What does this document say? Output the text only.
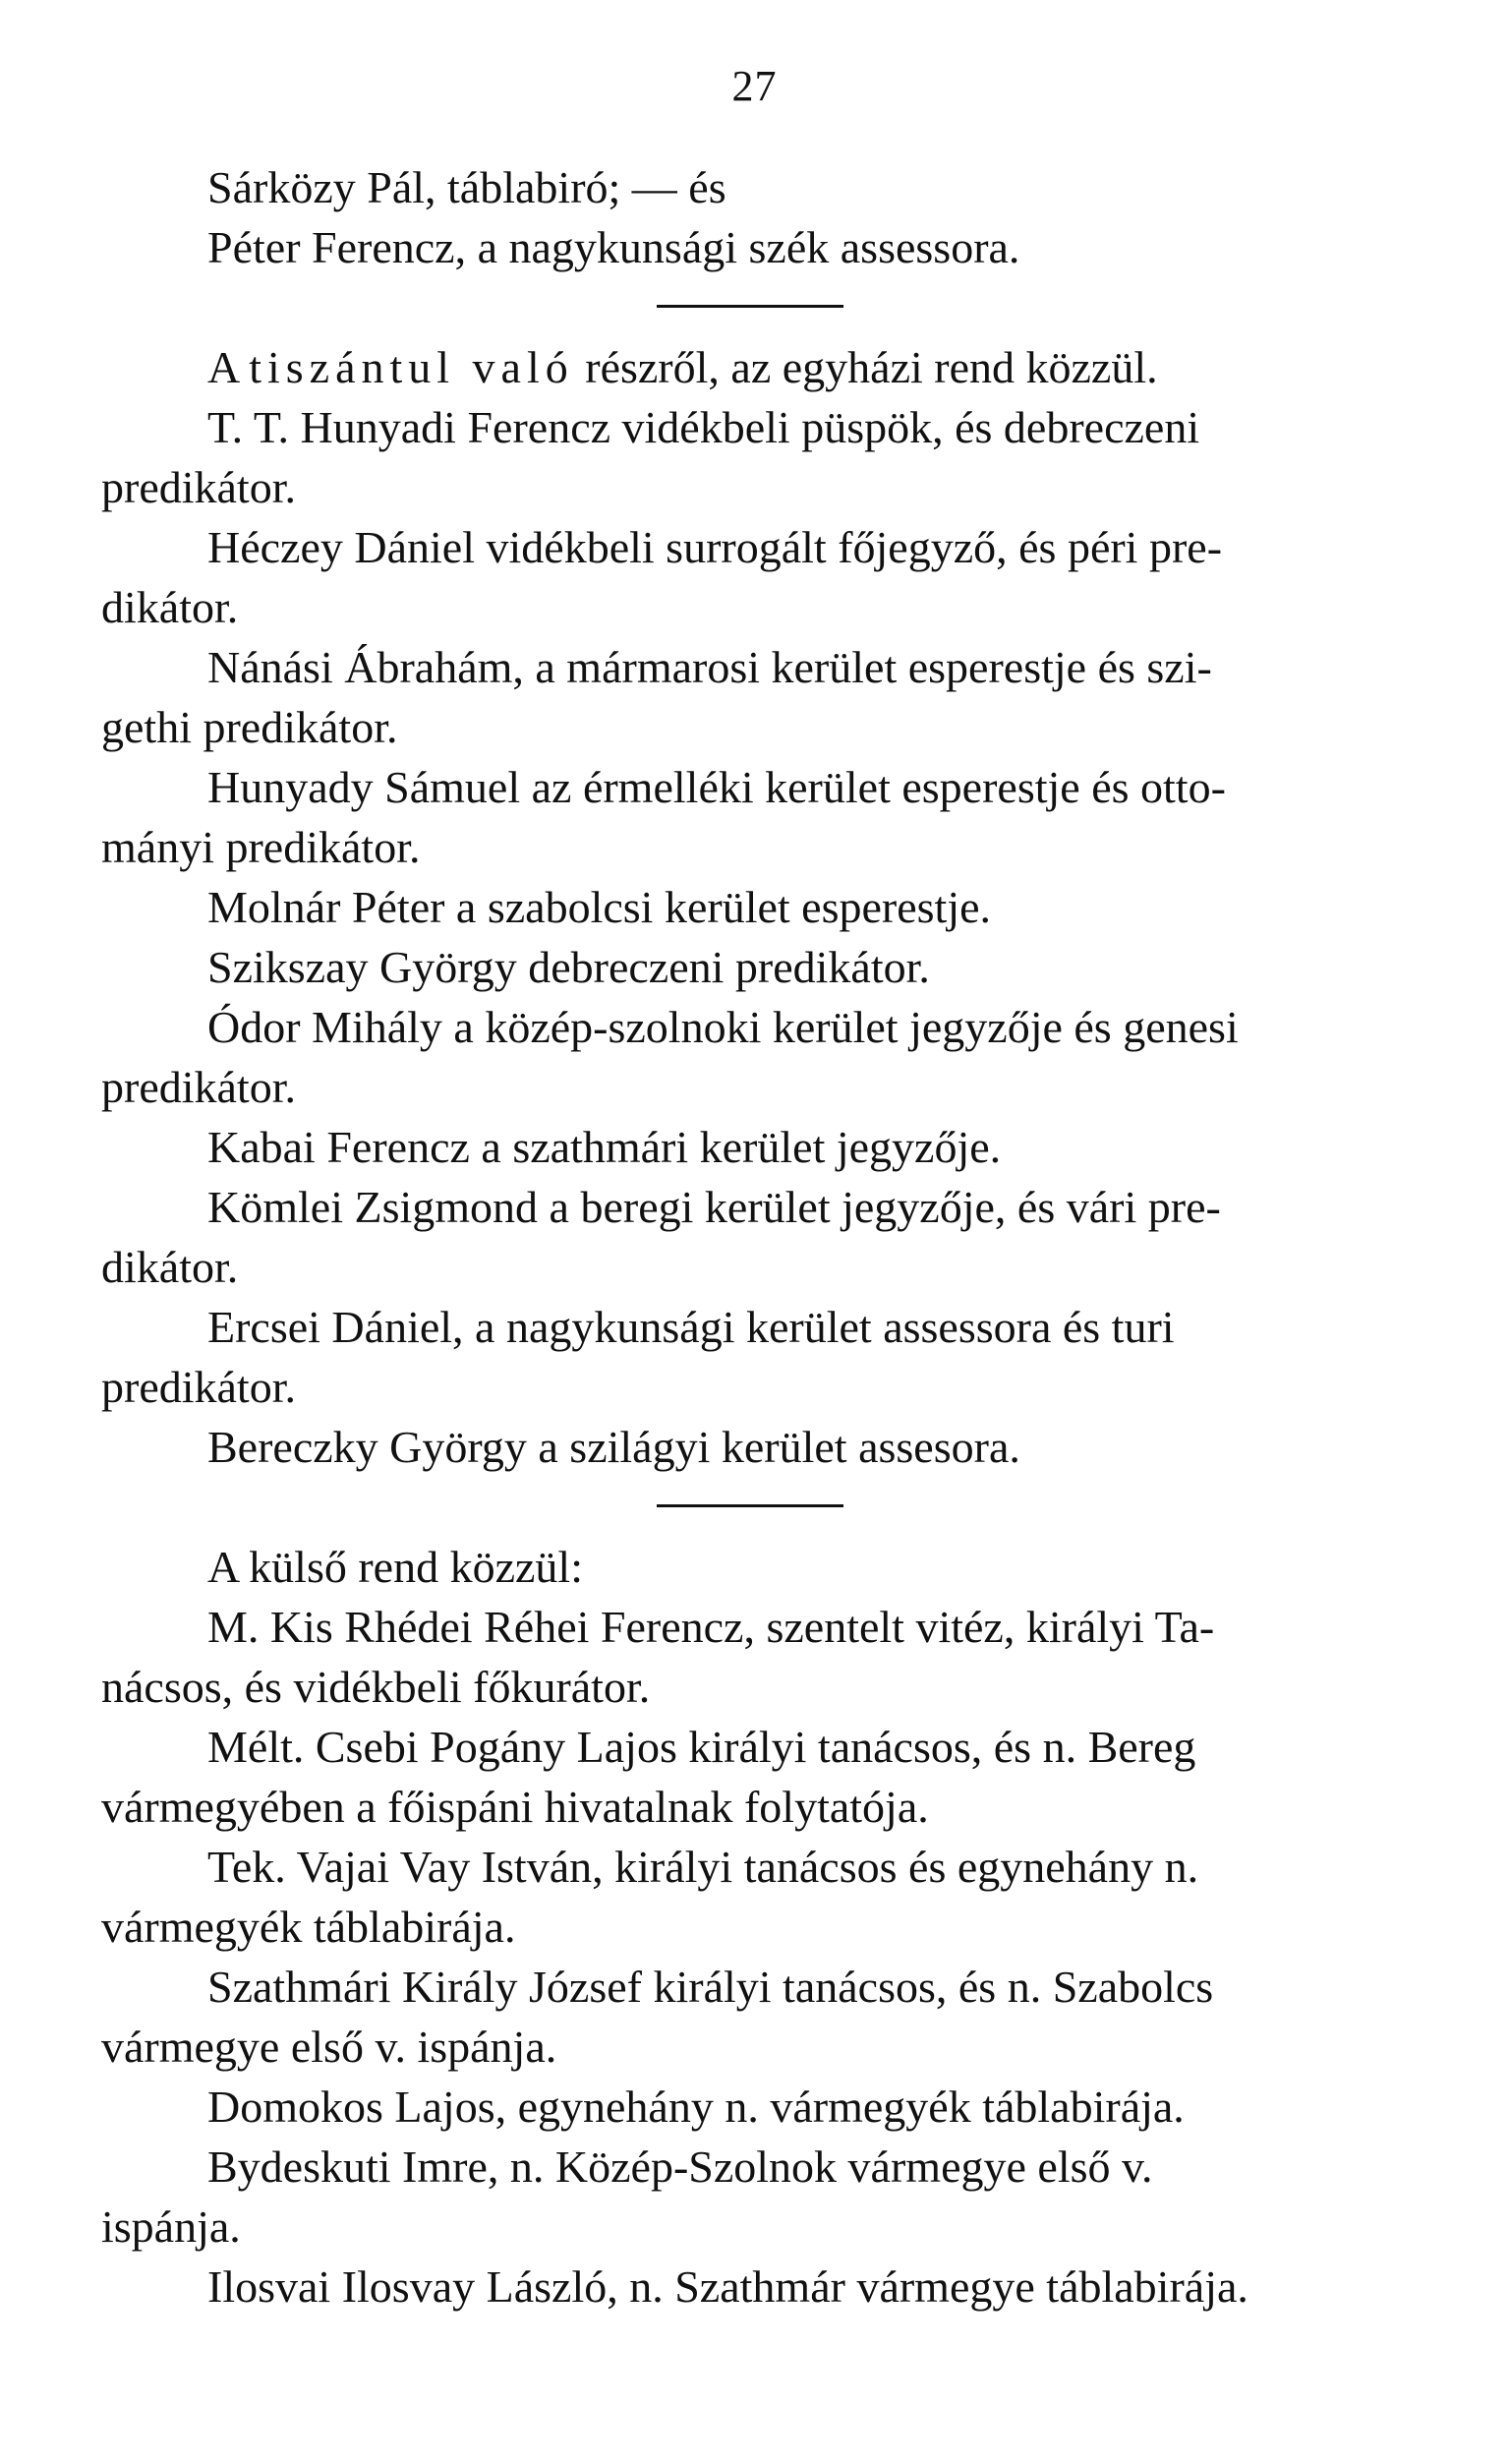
27
Sárközy Pál, táblabiró; — és
Péter Ferencz, a nagykunsági szék assessora.
A tiszántul való részről, az egyházi rend közzül.
T. T. Hunyadi Ferencz vidékbeli püspök, és debreczeni
predikátor.
Héczey Dániel vidékbeli surrogált főjegyző, és péri pre-
dikátor.
Nánási Ábrahám, a mármarosi kerület esperestje és szi-
gethi predikátor.
Hunyady Sámuel az érmelléki kerület esperestje és otto-
mányi predikátor.
Molnár Péter a szabolcsi kerület esperestje.
Szikszay György debreczeni predikátor.
Ódor Mihály a közép-szolnoki kerület jegyzője és genesi
predikátor.
Kabai Ferencz a szathmári kerület jegyzője.
Kömlei Zsigmond a beregi kerület jegyzője, és vári pre-
dikátor.
Ercsei Dániel, a nagykunsági kerület assessora és turi
predikátor.
Bereczky György a szilágyi kerület assesora.
A külső rend közzül:
M. Kis Rhédei Réhei Ferencz, szentelt vitéz, királyi Ta-
nácsos, és vidékbeli főkurátor.
Mélt. Csebi Pogány Lajos királyi tanácsos, és n. Bereg
vármegyében a főispáni hivatalnak folytatója.
Tek. Vajai Vay István, királyi tanácsos és egynehány n.
vármegyék táblabirája.
Szathmári Király József királyi tanácsos, és n. Szabolcs
vármegye első v. ispánja.
Domokos Lajos, egynehány n. vármegyék táblabirája.
Bydeskuti Imre, n. Közép-Szolnok vármegye első v.
ispánja.
Ilosvai Ilosvay László, n. Szathmár vármegye táblabirája.
